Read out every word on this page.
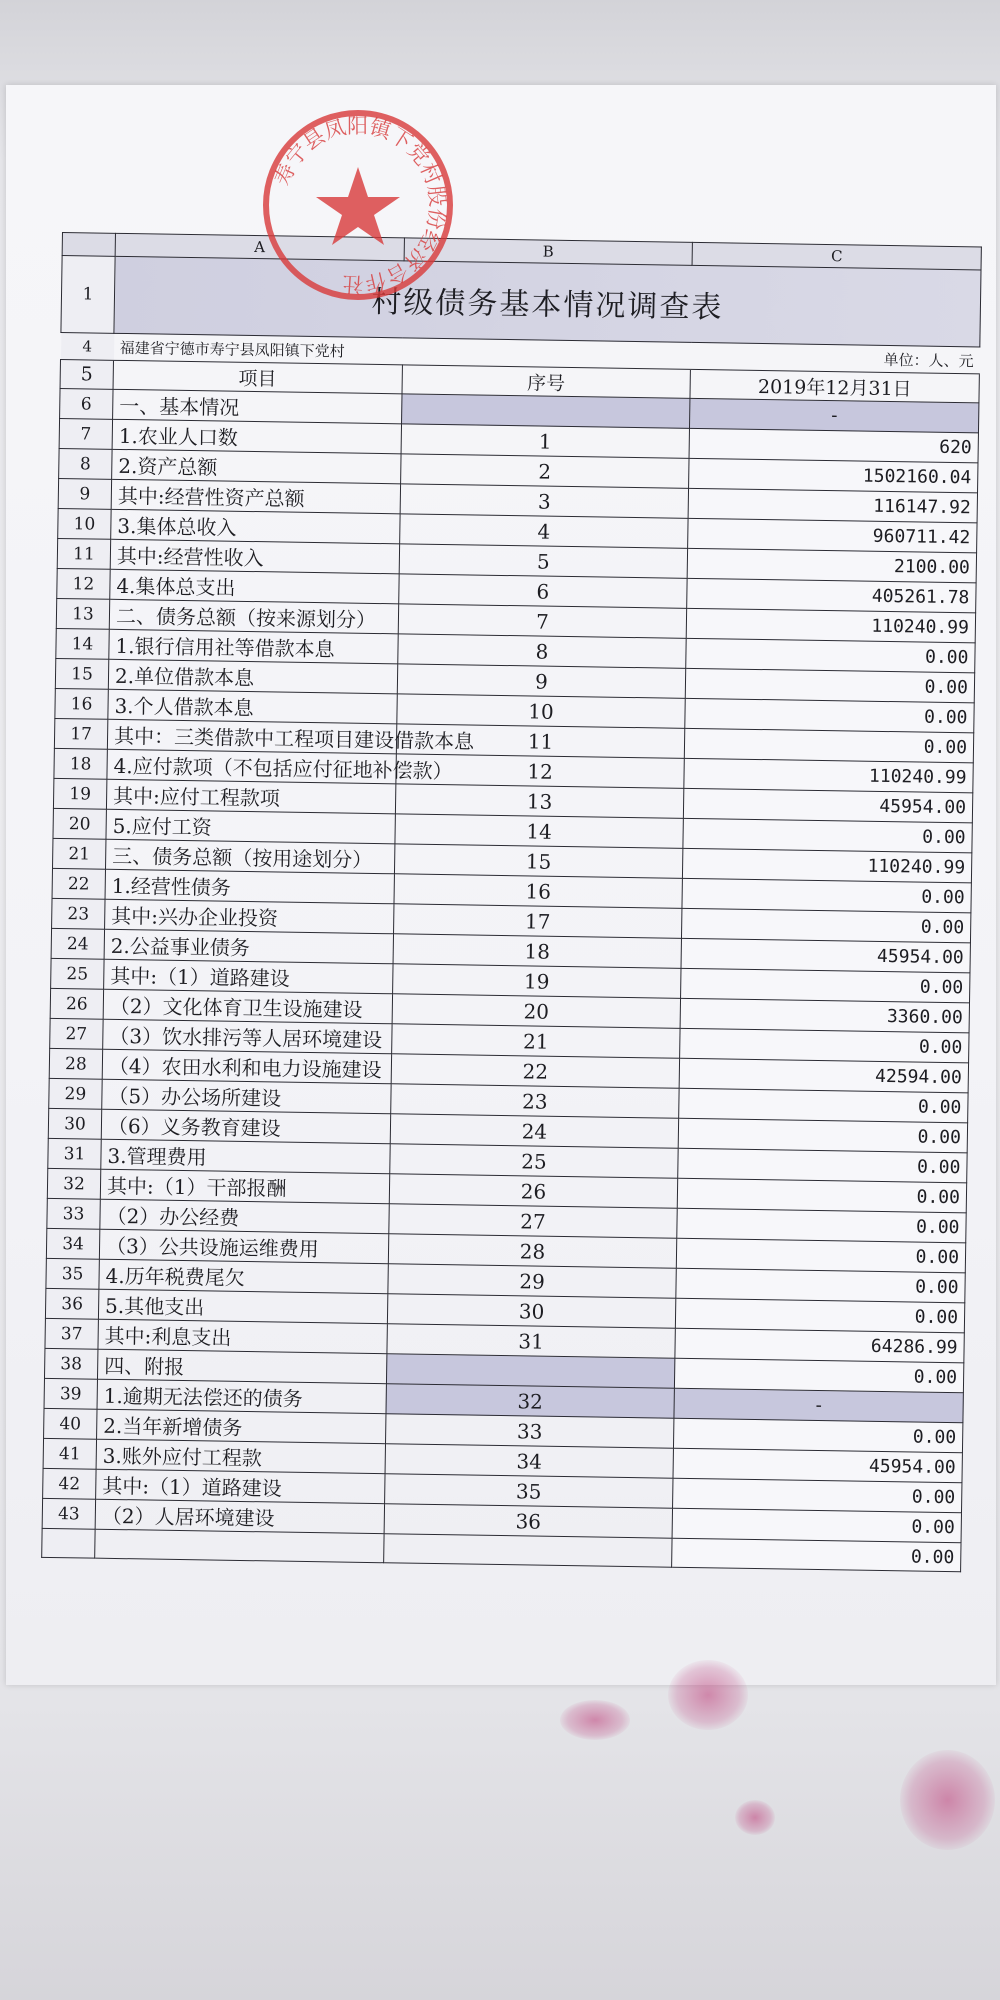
	A	B	C
1	村级债务基本情况调查表		
4	福建省宁德市寿宁县凤阳镇下党村		单位：人、元
5	项目	序号	2019年12月31日
6	一、基本情况		-
7	1.农业人口数	1	620
8	2.资产总额	2	1502160.04
9	其中:经营性资产总额	3	116147.92
10	3.集体总收入	4	960711.42
11	其中:经营性收入	5	2100.00
12	4.集体总支出	6	405261.78
13	二、债务总额（按来源划分）	7	110240.99
14	1.银行信用社等借款本息	8	0.00
15	2.单位借款本息	9	0.00
16	3.个人借款本息	10	0.00
17	其中：三类借款中工程项目建设借款本息	11	0.00
18	4.应付款项（不包括应付征地补偿款）	12	110240.99
19	其中:应付工程款项	13	45954.00
20	5.应付工资	14	0.00
21	三、债务总额（按用途划分）	15	110240.99
22	1.经营性债务	16	0.00
23	其中:兴办企业投资	17	0.00
24	2.公益事业债务	18	45954.00
25	其中:（1）道路建设	19	0.00
26	（2）文化体育卫生设施建设	20	3360.00
27	（3）饮水排污等人居环境建设	21	0.00
28	（4）农田水利和电力设施建设	22	42594.00
29	（5）办公场所建设	23	0.00
30	（6）义务教育建设	24	0.00
31	3.管理费用	25	0.00
32	其中:（1）干部报酬	26	0.00
33	（2）办公经费	27	0.00
34	（3）公共设施运维费用	28	0.00
35	4.历年税费尾欠	29	0.00
36	5.其他支出	30	0.00
37	其中:利息支出	31	64286.99
38	四、附报		0.00
39	1.逾期无法偿还的债务	32	-
40	2.当年新增债务	33	0.00
41	3.账外应付工程款	34	45954.00
42	其中:（1）道路建设	35	0.00
43	（2）人居环境建设	36	0.00
			0.00
寿宁县凤阳镇下党村股份经济合作社
